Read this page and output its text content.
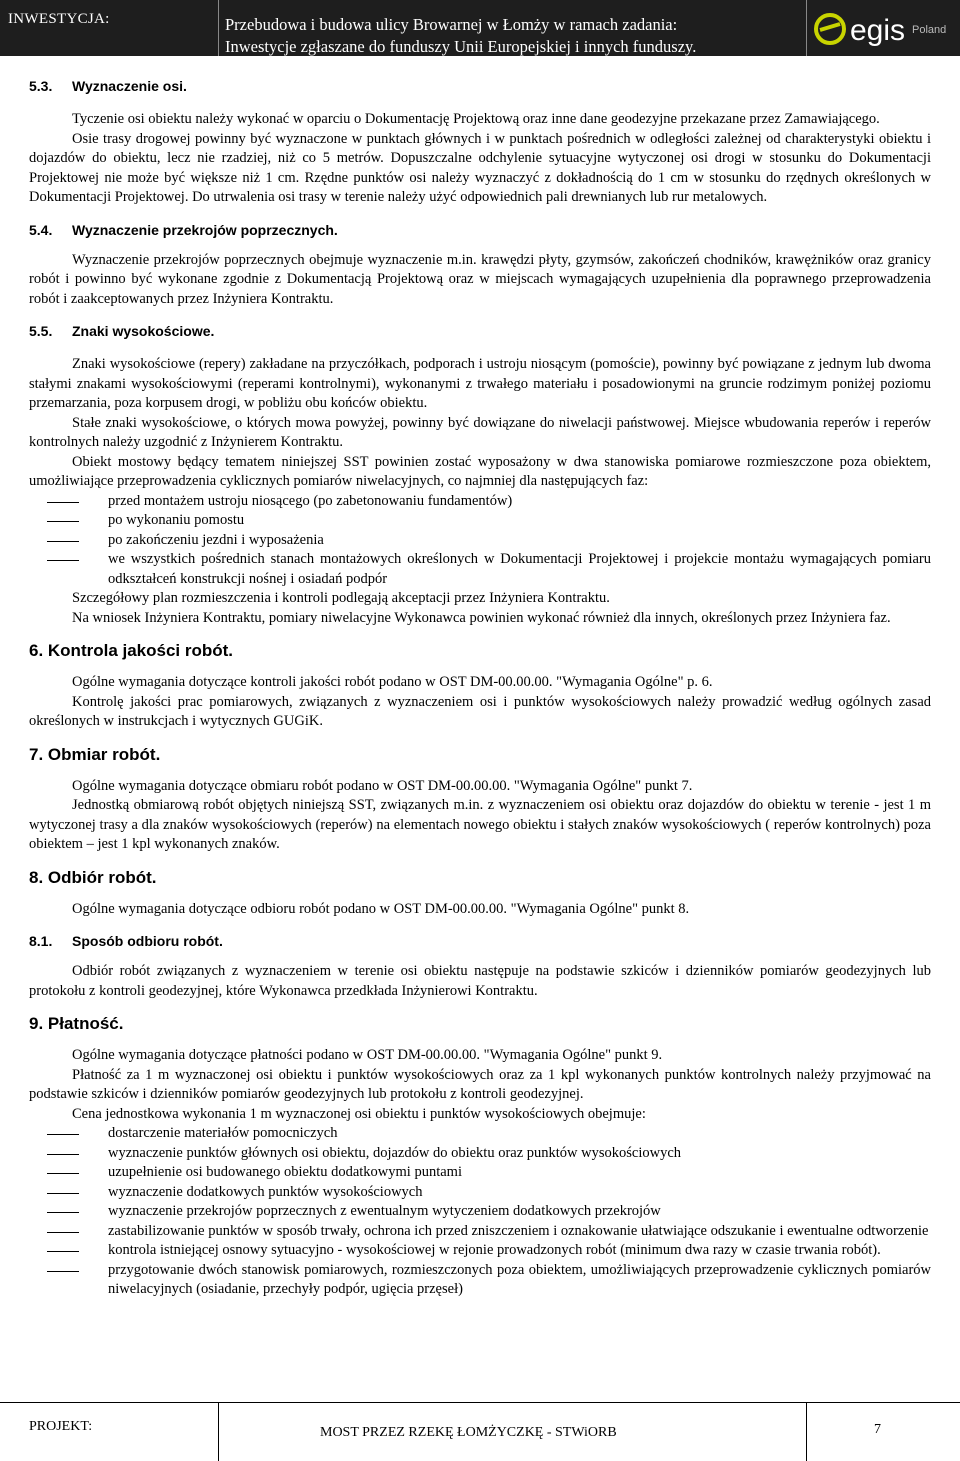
INWESTYCJA:	Przebudowa i budowa ulicy Browarnej w Łomży w ramach zadania:
Inwestycje zgłaszane do funduszy Unii Europejskiej i innych funduszy.	egis Poland
5.3.	Wyznaczenie osi.

Tyczenie osi obiektu należy wykonać w oparciu o Dokumentację Projektową oraz inne dane geodezyjne przekazane przez Zamawiającego.

Osie trasy drogowej powinny być wyznaczone w punktach głównych i w punktach pośrednich w odległości zależnej od charakterystyki obiektu i dojazdów do obiektu, lecz nie rzadziej, niż co 5 metrów. Dopuszczalne odchylenie sytuacyjne wytyczonej osi drogi w stosunku do Dokumentacji Projektowej nie może być większe niż 1 cm. Rzędne punktów osi należy wyznaczyć z dokładnością do 1 cm w stosunku do rzędnych określonych w Dokumentacji Projektowej. Do utrwalenia osi trasy w terenie należy użyć odpowiednich pali drewnianych lub rur metalowych.

5.4.	Wyznaczenie przekrojów poprzecznych.

Wyznaczenie przekrojów poprzecznych obejmuje wyznaczenie m.in. krawędzi płyty, gzymsów, zakończeń chodników, krawężników oraz granicy robót i powinno być wykonane zgodnie z Dokumentacją Projektową oraz w miejscach wymagających uzupełnienia dla poprawnego przeprowadzenia robót i zaakceptowanych przez Inżyniera Kontraktu.

5.5.	Znaki wysokościowe.

Znaki wysokościowe (repery) zakładane na przyczółkach, podporach i ustroju niosącym (pomoście), powinny być powiązane z jednym lub dwoma stałymi znakami wysokościowymi (reperami kontrolnymi), wykonanymi z trwałego materiału i posadowionymi na gruncie rodzimym poniżej poziomu przemarzania, poza korpusem drogi, w pobliżu obu końców obiektu.

Stałe znaki wysokościowe, o których mowa powyżej, powinny być dowiązane do niwelacji państwowej. Miejsce wbudowania reperów i reperów kontrolnych należy uzgodnić z Inżynierem Kontraktu.

Obiekt mostowy będący tematem niniejszej SST powinien zostać wyposażony w dwa stanowiska pomiarowe rozmieszczone poza obiektem, umożliwiające przeprowadzenia cyklicznych pomiarów niwelacyjnych, co najmniej dla następujących faz:

przed montażem ustroju niosącego (po zabetonowaniu fundamentów)
po wykonaniu pomostu
po zakończeniu jezdni i wyposażenia
we wszystkich pośrednich stanach montażowych określonych w Dokumentacji Projektowej i projekcie montażu wymagających pomiaru odkształceń konstrukcji nośnej i osiadań podpór

Szczegółowy plan rozmieszczenia i kontroli podlegają akceptacji przez Inżyniera Kontraktu.

Na wniosek Inżyniera Kontraktu, pomiary niwelacyjne Wykonawca powinien wykonać również dla innych, określonych przez Inżyniera faz.

6. Kontrola jakości robót.

Ogólne wymagania dotyczące kontroli jakości robót podano w OST DM-00.00.00. "Wymagania Ogólne" p. 6.

Kontrolę jakości prac pomiarowych, związanych z wyznaczeniem osi i punktów wysokościowych należy prowadzić według ogólnych zasad określonych w instrukcjach i wytycznych GUGiK.

7. Obmiar robót.

Ogólne wymagania dotyczące obmiaru robót podano w OST DM-00.00.00. "Wymagania Ogólne" punkt 7.

Jednostką obmiarową robót objętych niniejszą SST, związanych m.in. z wyznaczeniem osi obiektu oraz dojazdów do obiektu w terenie - jest 1 m wytyczonej trasy a dla znaków wysokościowych (reperów) na elementach nowego obiektu i stałych znaków wysokościowych ( reperów kontrolnych) poza obiektem – jest 1 kpl wykonanych znaków.

8. Odbiór robót.

Ogólne wymagania dotyczące odbioru robót podano w OST DM-00.00.00. "Wymagania Ogólne" punkt 8.

8.1.	Sposób odbioru robót.

Odbiór robót związanych z wyznaczeniem w terenie osi obiektu następuje na podstawie szkiców i dzienników pomiarów geodezyjnych lub protokołu z kontroli geodezyjnej, które Wykonawca przedkłada Inżynierowi Kontraktu.

9. Płatność.

Ogólne wymagania dotyczące płatności podano w OST DM-00.00.00. "Wymagania Ogólne" punkt 9.

Płatność za 1 m wyznaczonej osi obiektu i punktów wysokościowych oraz za 1 kpl wykonanych punktów kontrolnych należy przyjmować na podstawie szkiców i dzienników pomiarów geodezyjnych lub protokołu z kontroli geodezyjnej.

Cena jednostkowa wykonania 1 m wyznaczonej osi obiektu i punktów wysokościowych obejmuje:

dostarczenie materiałów pomocniczych
wyznaczenie punktów głównych osi obiektu, dojazdów do obiektu oraz punktów wysokościowych
uzupełnienie osi budowanego obiektu dodatkowymi puntami
wyznaczenie dodatkowych punktów wysokościowych
wyznaczenie przekrojów poprzecznych z ewentualnym wytyczeniem dodatkowych przekrojów
zastabilizowanie punktów w sposób trwały, ochrona ich przed zniszczeniem i oznakowanie ułatwiające odszukanie i ewentualne odtworzenie
kontrola istniejącej osnowy sytuacyjno - wysokościowej w rejonie prowadzonych robót (minimum dwa razy w czasie trwania robót).
przygotowanie dwóch stanowisk pomiarowych, rozmieszczonych poza obiektem, umożliwiających przeprowadzenie cyklicznych pomiarów niwelacyjnych (osiadanie, przechyły podpór, ugięcia przęseł)
PROJEKT:	MOST PRZEZ RZEKĘ ŁOMŻYCZKĘ - STWiORB	7
